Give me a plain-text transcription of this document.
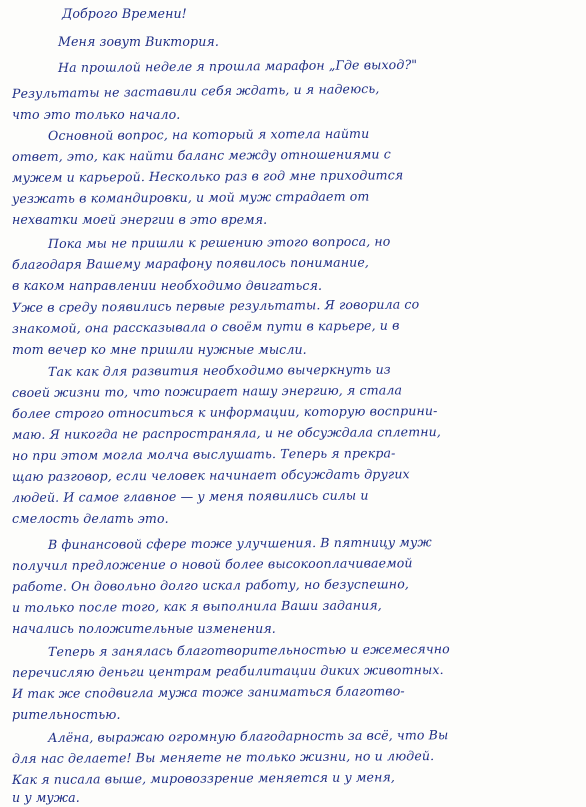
Доброго Времени!
Меня зовут Виктория.
На прошлой неделе я прошла марафон „Где выход?"
Результаты не заставили себя ждать, и я надеюсь,
что это только начало.
Основной вопрос, на который я хотела найти
ответ, это, как найти баланс между отношениями с
мужем и карьерой. Несколько раз в год мне приходится
уезжать в командировки, и мой муж страдает от
нехватки моей энергии в это время.
Пока мы не пришли к решению этого вопроса, но
благодаря Вашему марафону появилось понимание,
в каком направлении необходимо двигаться.
Уже в среду появились первые результаты. Я говорила со
знакомой, она рассказывала о своём пути в карьере, и в
тот вечер ко мне пришли нужные мысли.
Так как для развития необходимо вычеркнуть из
своей жизни то, что пожирает нашу энергию, я стала
более строго относиться к информации, которую восприни-
маю. Я никогда не распространяла, и не обсуждала сплетни,
но при этом могла молча выслушать. Теперь я прекра-
щаю разговор, если человек начинает обсуждать других
людей. И самое главное — у меня появились силы и
смелость делать это.
В финансовой сфере тоже улучшения. В пятницу муж
получил предложение о новой более высокооплачиваемой
работе. Он довольно долго искал работу, но безуспешно,
и только после того, как я выполнила Ваши задания,
начались положительные изменения.
Теперь я занялась благотворительностью и ежемесячно
перечисляю деньги центрам реабилитации диких животных.
И так же сподвигла мужа тоже заниматься благотво-
рительностью.
Алёна, выражаю огромную благодарность за всё, что Вы
для нас делаете! Вы меняете не только жизни, но и людей.
Как я писала выше, мировоззрение меняется и у меня,
и у мужа.
